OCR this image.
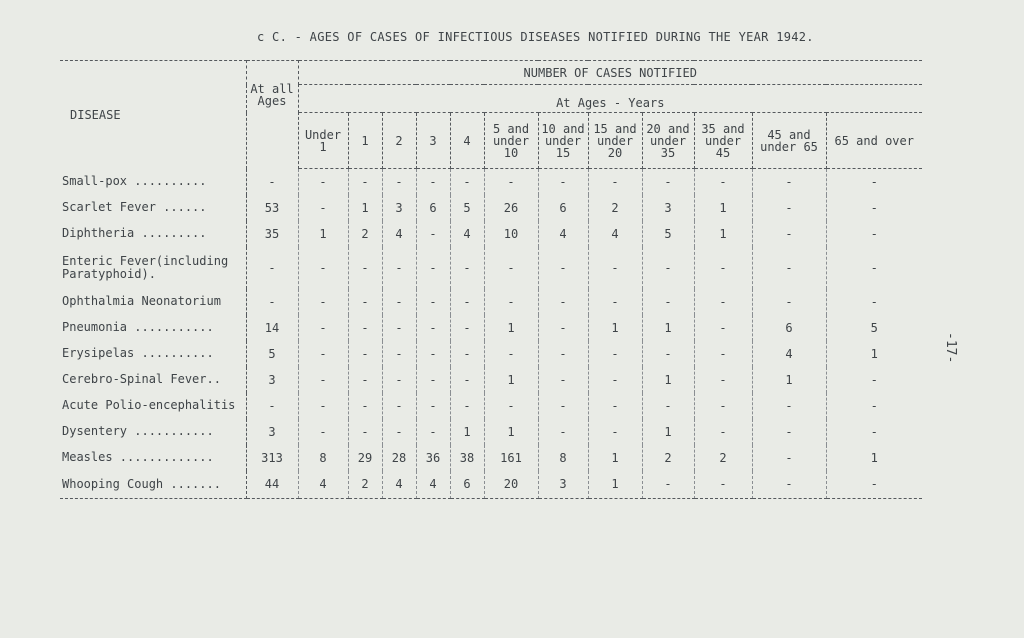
c C. - AGES OF CASES OF INFECTIOUS DISEASES NOTIFIED DURING THE YEAR 1942.
DISEASE	At all Ages	NUMBER OF CASES NOTIFIED											
		At Ages - Years											
		Under 1	1	2	3	4	5 and under 10	10 and under 15	15 and under 20	20 and under 35	35 and under 45	45 and under 65	65 and over
Small-pox ..........	-	-	-	-	-	-	-	-	-	-	-	-	-
Scarlet Fever ......	53	-	1	3	6	5	26	6	2	3	1	-	-
Diphtheria .........	35	1	2	4	-	4	10	4	4	5	1	-	-
Enteric Fever(including Paratyphoid).	-	-	-	-	-	-	-	-	-	-	-	-	-
Ophthalmia Neonatorium	-	-	-	-	-	-	-	-	-	-	-	-	-
Pneumonia ...........	14	-	-	-	-	-	1	-	1	1	-	6	5
Erysipelas ..........	5	-	-	-	-	-	-	-	-	-	-	4	1
Cerebro-Spinal Fever..	3	-	-	-	-	-	1	-	-	1	-	1	-
Acute Polio-encephalitis	-	-	-	-	-	-	-	-	-	-	-	-	-
Dysentery ...........	3	-	-	-	-	1	1	-	-	1	-	-	-
Measles .............	313	8	29	28	36	38	161	8	1	2	2	-	1
Whooping Cough .......	44	4	2	4	4	6	20	3	1	-	-	-	-
-17-
